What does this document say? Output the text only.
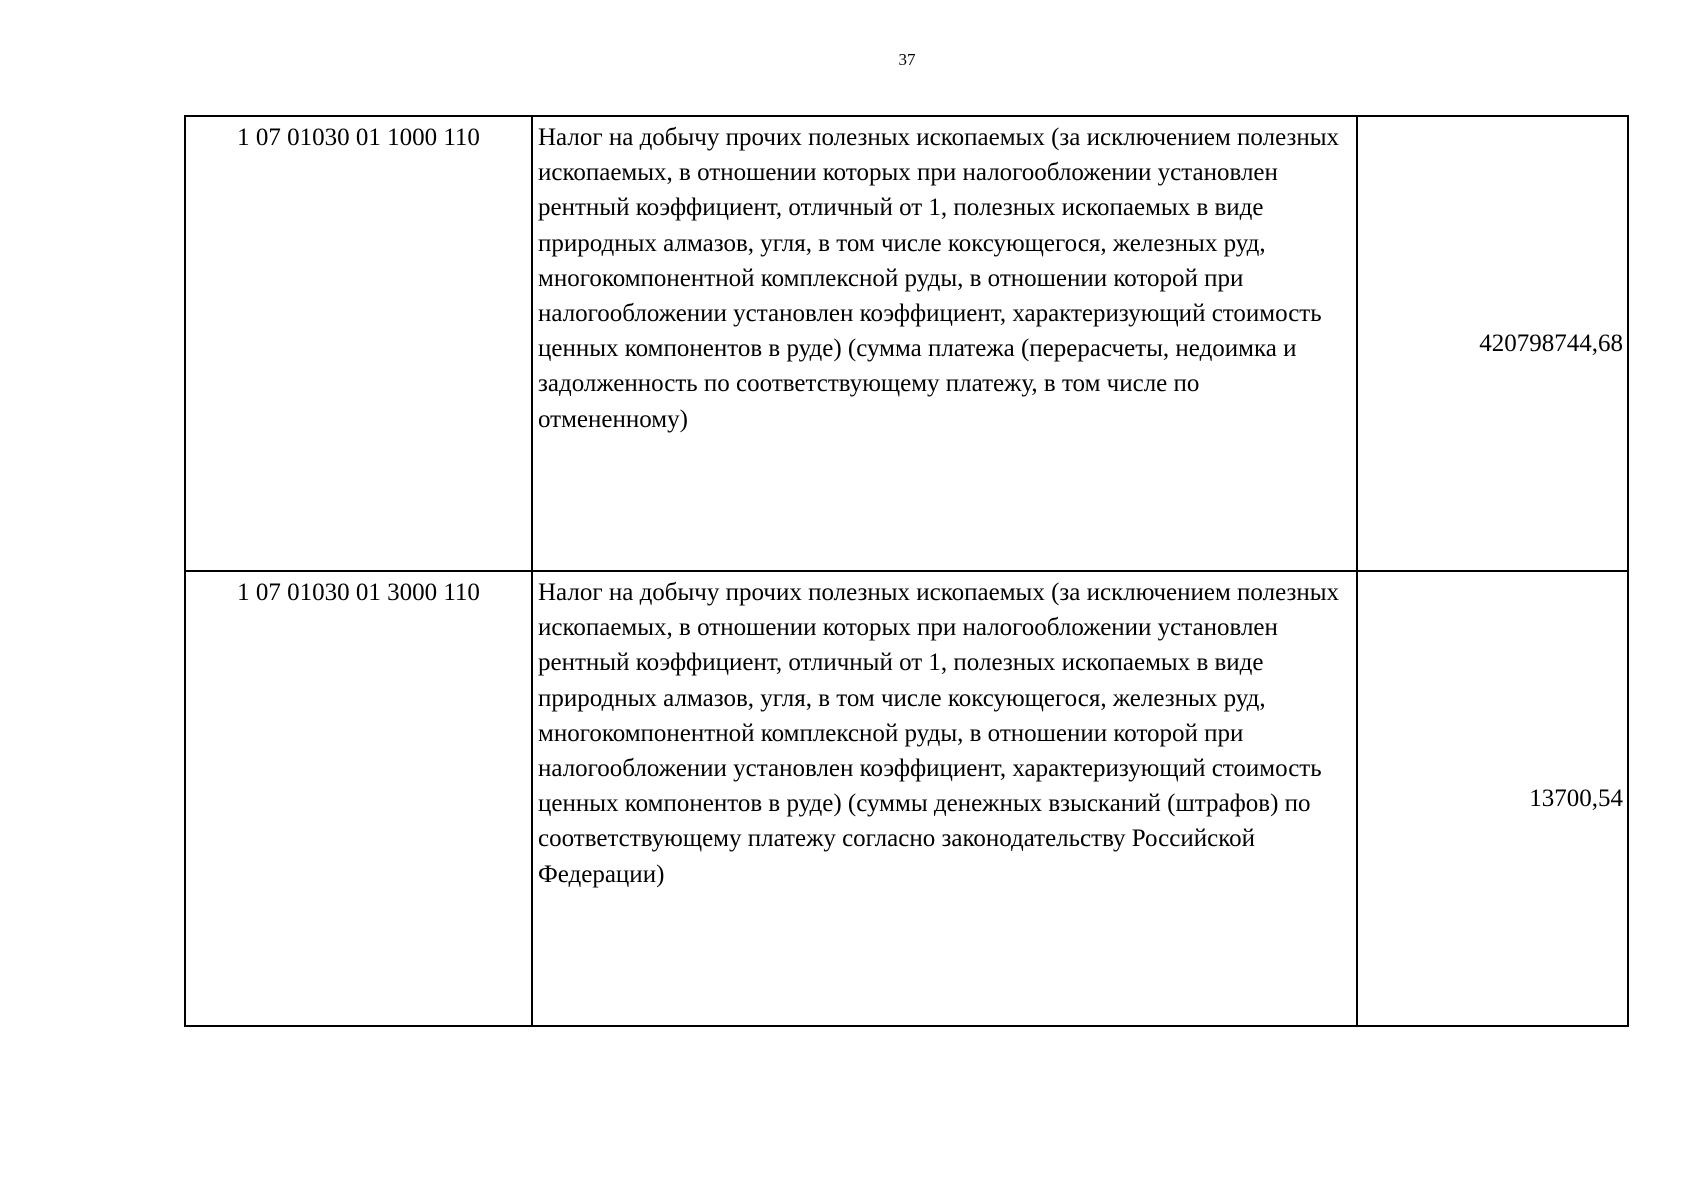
37
1 07 01030 01 1000 110	Налог на добычу прочих полезных ископаемых (за исключением полезных ископаемых, в отношении которых при налогообложении установлен рентный коэффициент, отличный от 1, полезных ископаемых в виде природных алмазов, угля, в том числе коксующегося, железных руд, многокомпонентной комплексной руды, в отношении которой при налогообложении установлен коэффициент, характеризующий стоимость ценных компонентов в руде) (сумма платежа (перерасчеты, недоимка и задолженность по соответствующему платежу, в том числе по отмененному)	420798744,68
1 07 01030 01 3000 110	Налог на добычу прочих полезных ископаемых (за исключением полезных ископаемых, в отношении которых при налогообложении установлен рентный коэффициент, отличный от 1, полезных ископаемых в виде природных алмазов, угля, в том числе коксующегося, железных руд, многокомпонентной комплексной руды, в отношении которой при налогообложении установлен коэффициент, характеризующий стоимость ценных компонентов в руде) (суммы денежных взысканий (штрафов) по соответствующему платежу согласно законодательству Российской Федерации)	13700,54
